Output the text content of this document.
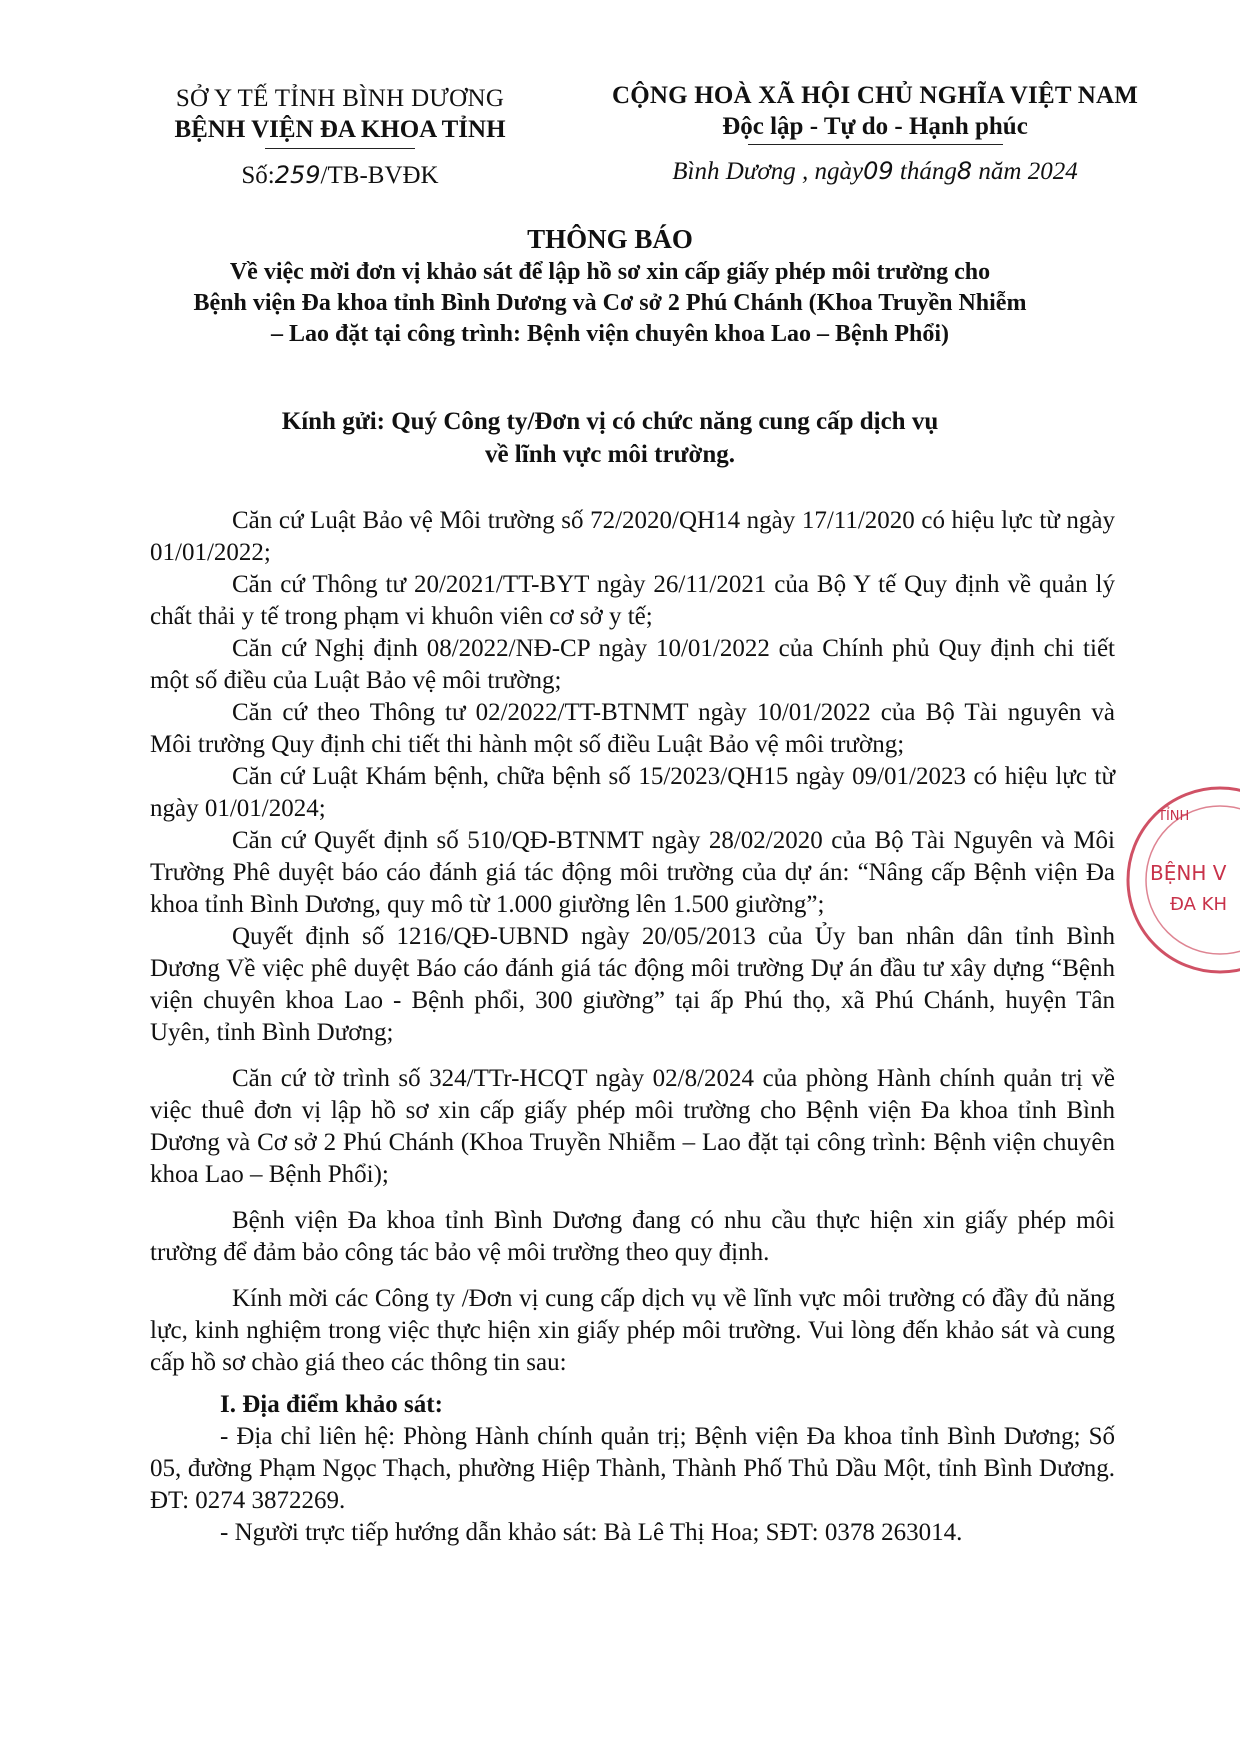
SỞ Y TẾ TỈNH BÌNH DƯƠNG
BỆNH VIỆN ĐA KHOA TỈNH
Số:259/TB-BVĐK
CỘNG HOÀ XÃ HỘI CHỦ NGHĨA VIỆT NAM
Độc lập - Tự do - Hạnh phúc
Bình Dương , ngày09 tháng8 năm 2024
THÔNG BÁO
Về việc mời đơn vị khảo sát để lập hồ sơ xin cấp giấy phép môi trường cho
Bệnh viện Đa khoa tỉnh Bình Dương và Cơ sở 2 Phú Chánh (Khoa Truyền Nhiễm
– Lao đặt tại công trình: Bệnh viện chuyên khoa Lao – Bệnh Phổi)
Kính gửi: Quý Công ty/Đơn vị có chức năng cung cấp dịch vụ
về lĩnh vực môi trường.

Căn cứ Luật Bảo vệ Môi trường số 72/2020/QH14 ngày 17/11/2020 có hiệu lực từ ngày 01/01/2022;

Căn cứ Thông tư 20/2021/TT-BYT ngày 26/11/2021 của Bộ Y tế Quy định về quản lý chất thải y tế trong phạm vi khuôn viên cơ sở y tế;

Căn cứ Nghị định 08/2022/NĐ-CP ngày 10/01/2022 của Chính phủ Quy định chi tiết một số điều của Luật Bảo vệ môi trường;

Căn cứ theo Thông tư 02/2022/TT-BTNMT ngày 10/01/2022 của Bộ Tài nguyên và Môi trường Quy định chi tiết thi hành một số điều Luật Bảo vệ môi trường;

Căn cứ Luật Khám bệnh, chữa bệnh số 15/2023/QH15 ngày 09/01/2023 có hiệu lực từ ngày 01/01/2024;

Căn cứ Quyết định số 510/QĐ-BTNMT ngày 28/02/2020 của Bộ Tài Nguyên và Môi Trường Phê duyệt báo cáo đánh giá tác động môi trường của dự án: “Nâng cấp Bệnh viện Đa khoa tỉnh Bình Dương, quy mô từ 1.000 giường lên 1.500 giường”;

Quyết định số 1216/QĐ-UBND ngày 20/05/2013 của Ủy ban nhân dân tỉnh Bình Dương Về việc phê duyệt Báo cáo đánh giá tác động môi trường Dự án đầu tư xây dựng “Bệnh viện chuyên khoa Lao - Bệnh phổi, 300 giường” tại ấp Phú thọ, xã Phú Chánh, huyện Tân Uyên, tỉnh Bình Dương;

Căn cứ tờ trình số 324/TTr-HCQT ngày 02/8/2024 của phòng Hành chính quản trị về việc thuê đơn vị lập hồ sơ xin cấp giấy phép môi trường cho Bệnh viện Đa khoa tỉnh Bình Dương và Cơ sở 2 Phú Chánh (Khoa Truyền Nhiễm – Lao đặt tại công trình: Bệnh viện chuyên khoa Lao – Bệnh Phổi);

Bệnh viện Đa khoa tỉnh Bình Dương đang có nhu cầu thực hiện xin giấy phép môi trường để đảm bảo công tác bảo vệ môi trường theo quy định.

Kính mời các Công ty /Đơn vị cung cấp dịch vụ về lĩnh vực môi trường có đầy đủ năng lực, kinh nghiệm trong việc thực hiện xin giấy phép môi trường. Vui lòng đến khảo sát và cung cấp hồ sơ chào giá theo các thông tin sau:

I. Địa điểm khảo sát:

- Địa chỉ liên hệ: Phòng Hành chính quản trị; Bệnh viện Đa khoa tỉnh Bình Dương; Số 05, đường Phạm Ngọc Thạch, phường Hiệp Thành, Thành Phố Thủ Dầu Một, tỉnh Bình Dương. ĐT: 0274 3872269.

- Người trực tiếp hướng dẫn khảo sát: Bà Lê Thị Hoa; SĐT: 0378 263014.

TỈNH
BỆNH V
ĐA KH
